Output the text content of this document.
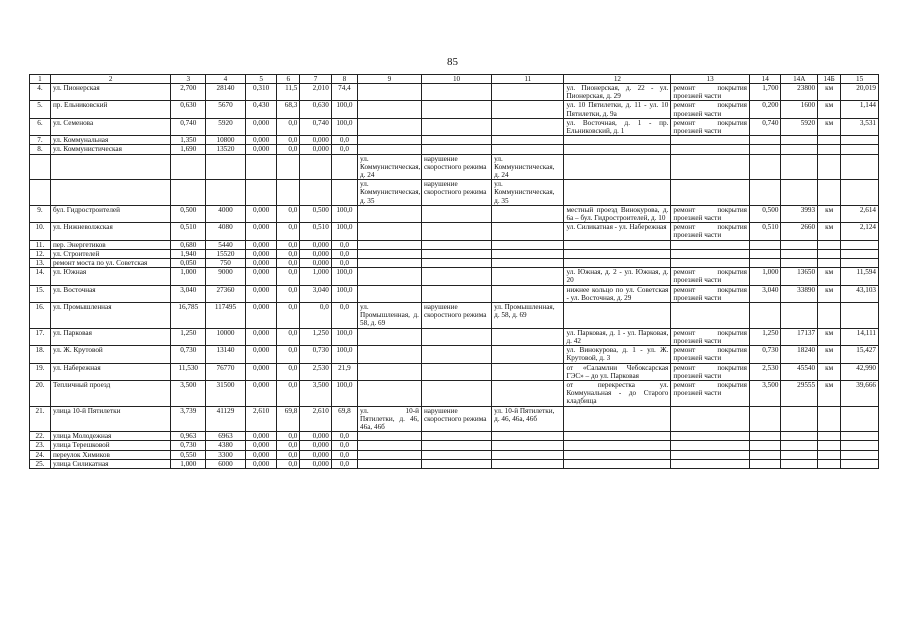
85
1	2	3	4	5	6	7	8	9	10	11	12	13	14	14А	14Б	15
4.	ул. Пионерская	2,700	28140	0,310	11,5	2,010	74,4				ул. Пионерская, д. 22 - ул. Пионерская, д. 29	ремонт покрытия проезжей части	1,700	23800	км	20,019
5.	пр. Ельниковский	0,630	5670	0,430	68,3	0,630	100,0				ул. 10 Пятилетки, д. 11 - ул. 10 Пятилетки, д. 9а	ремонт покрытия проезжей части	0,200	1600	км	1,144
6.	ул. Семенова	0,740	5920	0,000	0,0	0,740	100,0				ул. Восточная, д. 1 - пр. Ельниковский, д. 1	ремонт покрытия проезжей части	0,740	5920	км	3,531
7.	ул. Коммунальная	1,350	10800	0,000	0,0	0,000	0,0									
8.	ул. Коммунистическая	1,690	13520	0,000	0,0	0,000	0,0									
								ул. Коммунистическая, д. 24	нарушение скоростного режима	ул. Коммунистическая, д. 24						
								ул. Коммунистическая, д. 35	нарушение скоростного режима	ул. Коммунистическая, д. 35						
9.	бул. Гидростроителей	0,500	4000	0,000	0,0	0,500	100,0				местный проезд Винокурова, д. 6а – бул. Гидростроителей, д. 10	ремонт покрытия проезжей части	0,500	3993	км	2,614
10.	ул. Нижневолжская	0,510	4080	0,000	0,0	0,510	100,0				ул. Силикатная - ул. Набережная	ремонт покрытия проезжей части	0,510	2660	км	2,124
11.	пер. Энергетиков	0,680	5440	0,000	0,0	0,000	0,0									
12.	ул. Строителей	1,940	15520	0,000	0,0	0,000	0,0									
13.	ремонт моста по ул. Советская	0,050	750	0,000	0,0	0,000	0,0									
14.	ул. Южная	1,000	9000	0,000	0,0	1,000	100,0				ул. Южная, д. 2 - ул. Южная, д. 20	ремонт покрытия проезжей части	1,000	13650	км	11,594
15.	ул. Восточная	3,040	27360	0,000	0,0	3,040	100,0				нижнее кольцо по ул. Советская - ул. Восточная, д. 29	ремонт покрытия проезжей части	3,040	33890	км	43,103
16.	ул. Промышленная	16,785	117495	0,000	0,0	0,0	0,0	ул. Промышленная, д. 58, д. 69	нарушение скоростного режима	ул. Промышленная, д. 58, д. 69						
17.	ул. Парковая	1,250	10000	0,000	0,0	1,250	100,0				ул. Парковая, д. 1 - ул. Парковая, д. 42	ремонт покрытия проезжей части	1,250	17137	км	14,111
18.	ул. Ж. Крутовой	0,730	13140	0,000	0,0	0,730	100,0				ул. Винокурова, д. 1 - ул. Ж. Крутовой, д. 3	ремонт покрытия проезжей части	0,730	18240	км	15,427
19.	ул. Набережная	11,530	76770	0,000	0,0	2,530	21,9				от «Саламлни Чебоксарская ГЭС» – до ул. Парковая	ремонт покрытия проезжей части	2,530	45540	км	42,990
20.	Тепличный проезд	3,500	31500	0,000	0,0	3,500	100,0				от перекрестка ул. Коммунальная - до Старого кладбища	ремонт покрытия проезжей части	3,500	29555	км	39,666
21.	улица 10-й Пятилетки	3,739	41129	2,610	69,8	2,610	69,8	ул. 10-й Пятилетки, д. 46, 46а, 46б	нарушение скоростного режима	ул. 10-й Пятилетки, д. 46, 46а, 46б						
22.	улица Молодежная	0,963	6963	0,000	0,0	0,000	0,0									
23.	улица Терешковой	0,730	4380	0,000	0,0	0,000	0,0									
24.	переулок Химиков	0,550	3300	0,000	0,0	0,000	0,0									
25.	улица Силикатная	1,000	6000	0,000	0,0	0,000	0,0									
